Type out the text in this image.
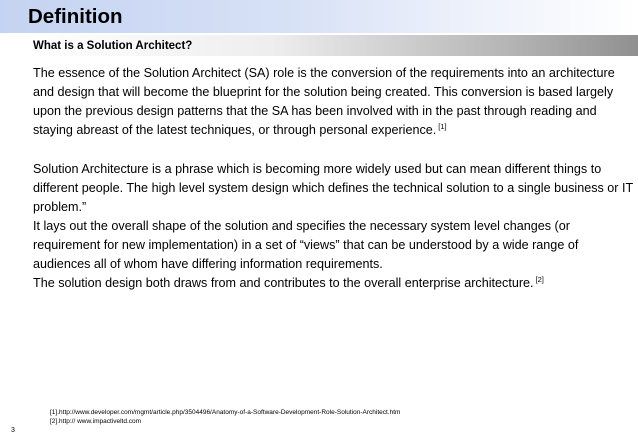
Definition
What is a Solution Architect?

The essence of the Solution Architect (SA) role is the conversion of the requirements into an architecture and design that will become the blueprint for the solution being created. This conversion is based largely upon the previous design patterns that the SA has been involved with in the past through reading and staying abreast of the latest techniques, or through personal experience. [1]

Solution Architecture is a phrase which is becoming more widely used but can mean different things to different people. The high level system design which defines the technical solution to a single business or IT problem.”

It lays out the overall shape of the solution and specifies the necessary system level changes (or requirement for new implementation) in a set of “views” that can be understood by a wide range of audiences all of whom have differing information requirements.

The solution design both draws from and contributes to the overall enterprise architecture. [2]

[1].http://www.developer.com/mgmt/article.php/3504496/Anatomy-of-a-Software-Development-Role-Solution-Architect.htm
[2].http:// www.impactiveltd.com
3
